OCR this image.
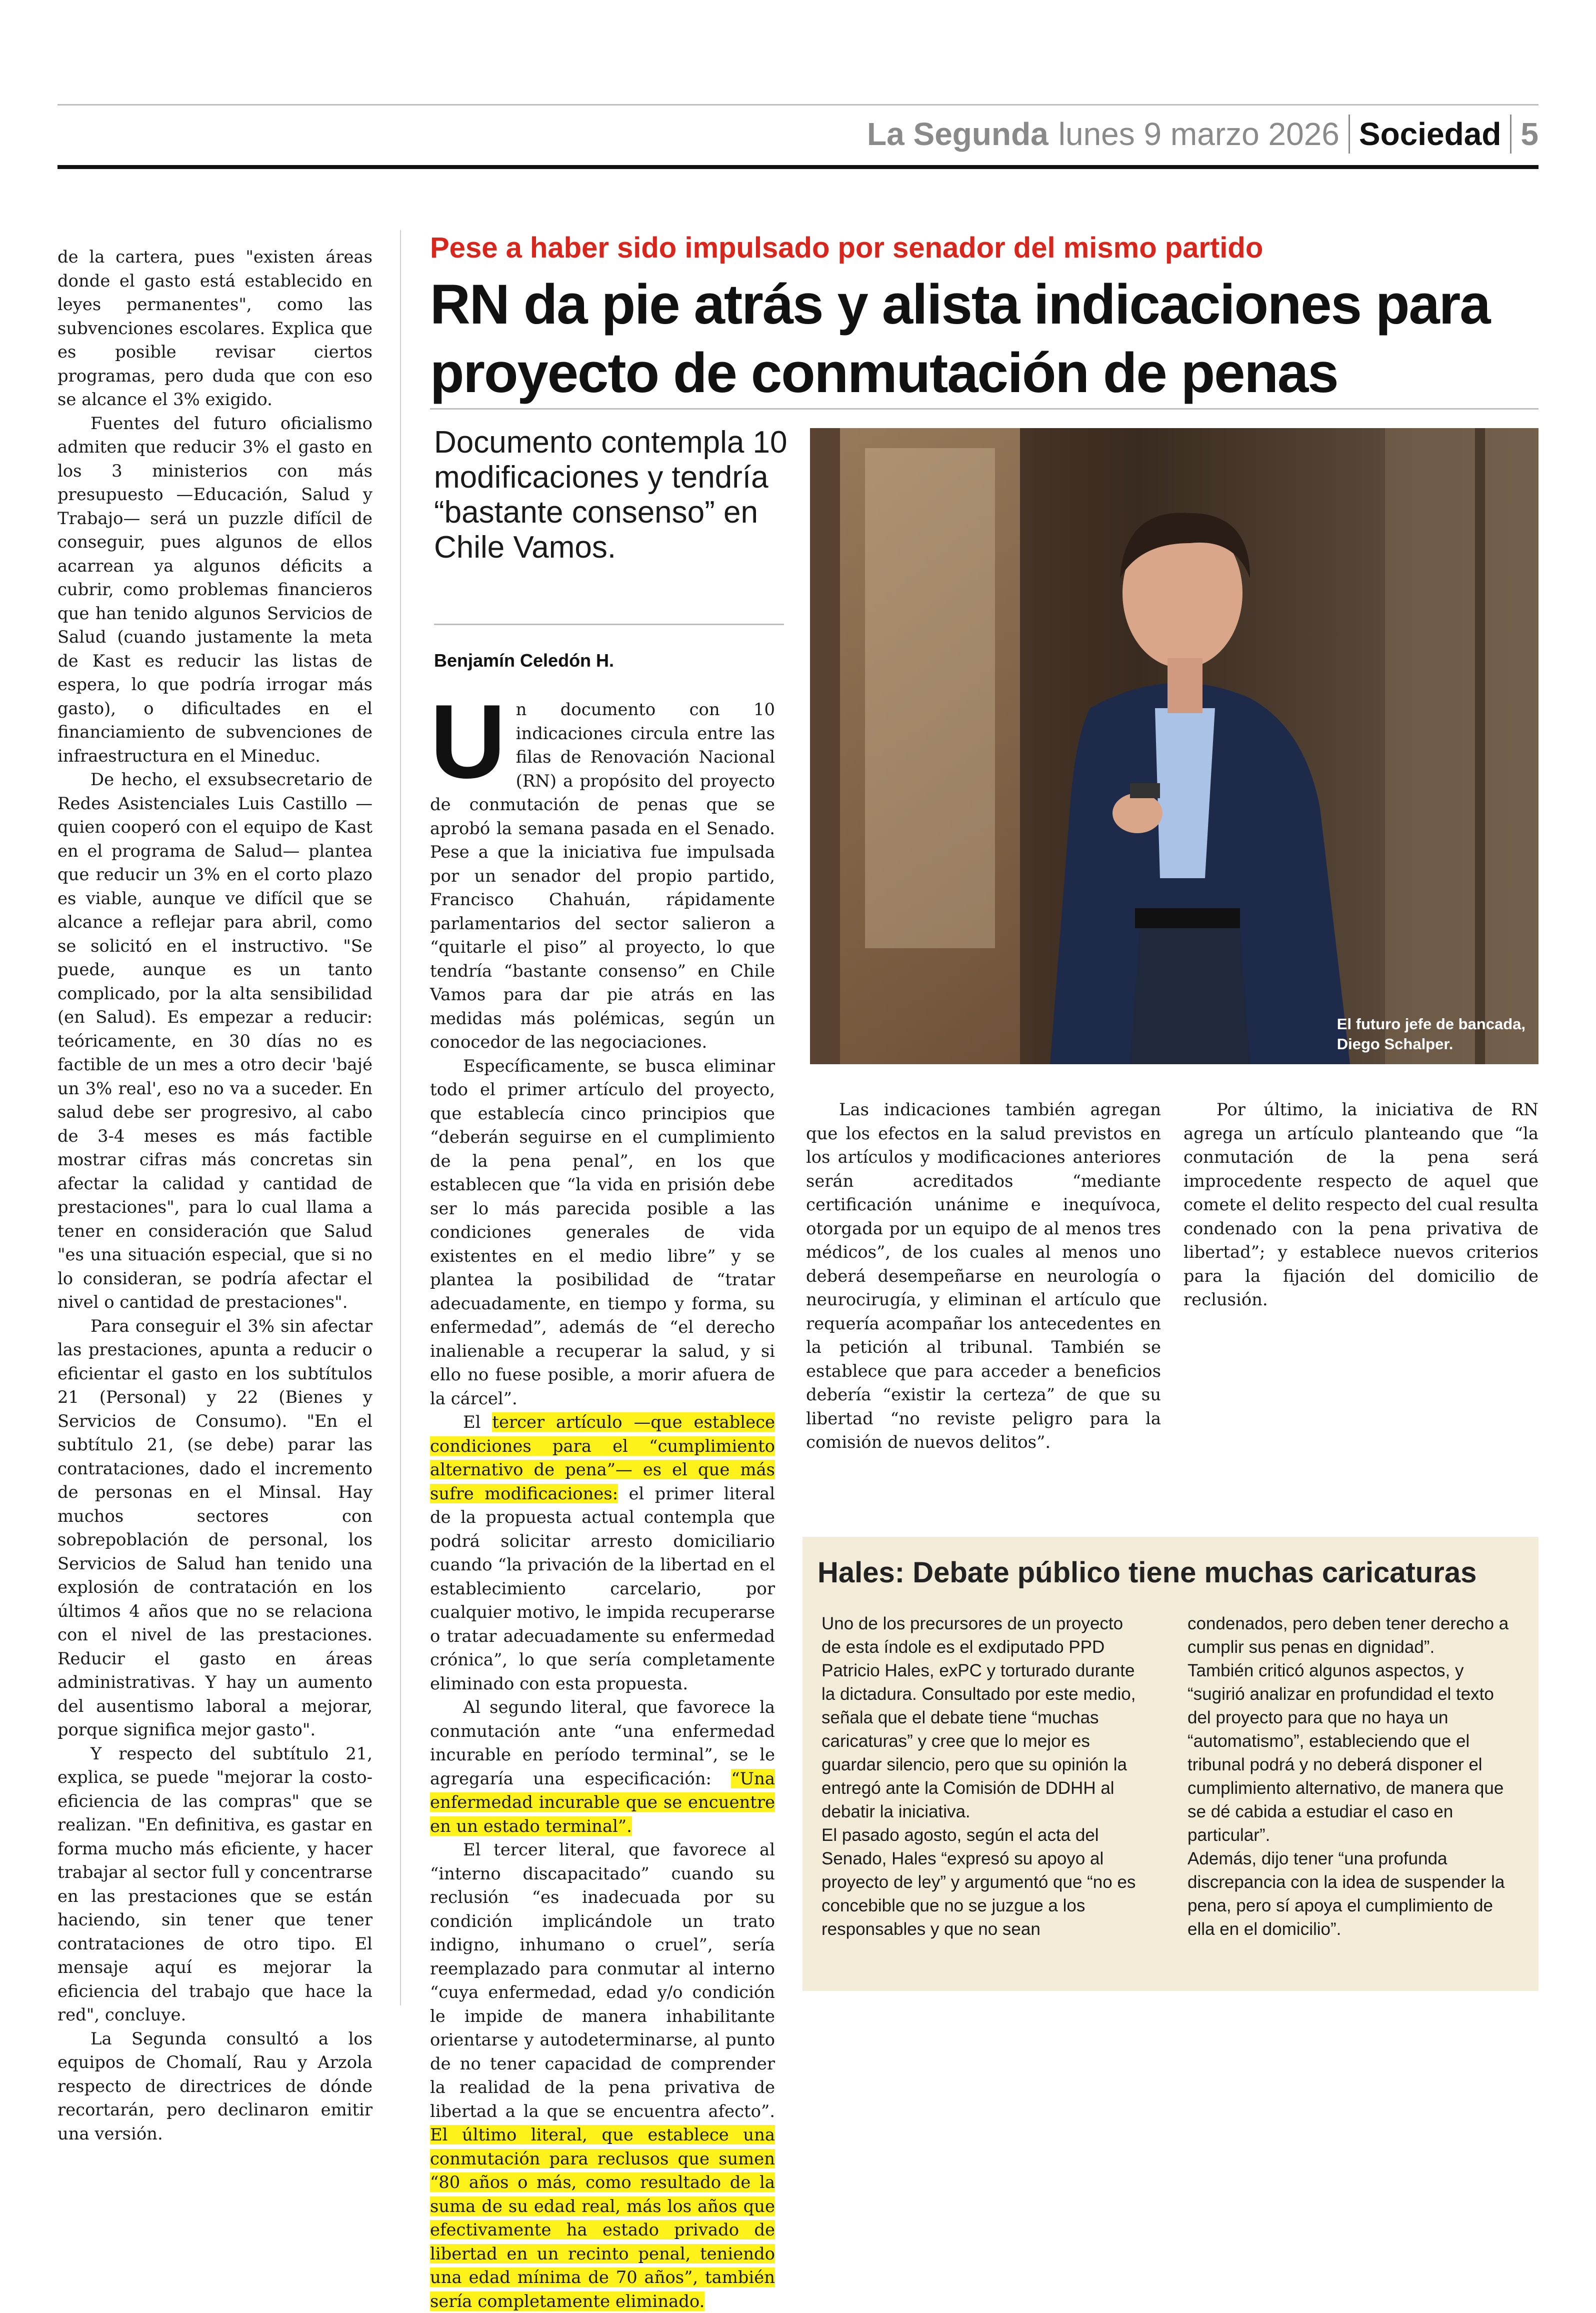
La Segunda lunes 9 marzo 2026 Sociedad 5

de la cartera, pues "existen áreas donde el gasto está establecido en leyes permanentes", como las subvenciones escolares. Explica que es posible revisar ciertos programas, pero duda que con eso se alcance el 3% exigido.

Fuentes del futuro oficialismo admiten que reducir 3% el gasto en los 3 ministerios con más presupuesto —Educación, Salud y Trabajo— será un puzzle difícil de conseguir, pues algunos de ellos acarrean ya algunos déficits a cubrir, como problemas financieros que han tenido algunos Servicios de Salud (cuando justamente la meta de Kast es reducir las listas de espera, lo que podría irrogar más gasto), o dificultades en el financiamiento de subvenciones de infraestructura en el Mineduc.

De hecho, el exsubsecretario de Redes Asistenciales Luis Castillo —quien cooperó con el equipo de Kast en el programa de Salud— plantea que reducir un 3% en el corto plazo es viable, aunque ve difícil que se alcance a reflejar para abril, como se solicitó en el instructivo. "Se puede, aunque es un tanto complicado, por la alta sensibilidad (en Salud). Es empezar a reducir: teóricamente, en 30 días no es factible de un mes a otro decir 'bajé un 3% real', eso no va a suceder. En salud debe ser progresivo, al cabo de 3-4 meses es más factible mostrar cifras más concretas sin afectar la calidad y cantidad de prestaciones", para lo cual llama a tener en consideración que Salud "es una situación especial, que si no lo consideran, se podría afectar el nivel o cantidad de prestaciones".

Para conseguir el 3% sin afectar las prestaciones, apunta a reducir o eficientar el gasto en los subtítulos 21 (Personal) y 22 (Bienes y Servicios de Consumo). "En el subtítulo 21, (se debe) parar las contrataciones, dado el incremento de personas en el Minsal. Hay muchos sectores con sobrepoblación de personal, los Servicios de Salud han tenido una explosión de contratación en los últimos 4 años que no se relaciona con el nivel de las prestaciones. Reducir el gasto en áreas administrativas. Y hay un aumento del ausentismo laboral a mejorar, porque significa mejor gasto".

Y respecto del subtítulo 21, explica, se puede "mejorar la costo-eficiencia de las compras" que se realizan. "En definitiva, es gastar en forma mucho más eficiente, y hacer trabajar al sector full y concentrarse en las prestaciones que se están haciendo, sin tener que tener contrataciones de otro tipo. El mensaje aquí es mejorar la eficiencia del trabajo que hace la red", concluye.

La Segunda consultó a los equipos de Chomalí, Rau y Arzola respecto de directrices de dónde recortarán, pero declinaron emitir una versión.

Pese a haber sido impulsado por senador del mismo partido
RN da pie atrás y alista indicaciones para proyecto de conmutación de penas
Documento contempla 10 modificaciones y tendría “bastante consenso” en Chile Vamos.
Benjamín Celedón H.
El futuro jefe de bancada,
Diego Schalper.

U n documento con 10 indicaciones circula entre las filas de Renovación Nacional (RN) a propósito del proyecto de conmutación de penas que se aprobó la semana pasada en el Senado. Pese a que la iniciativa fue impulsada por un senador del propio partido, Francisco Chahuán, rápidamente parlamentarios del sector salieron a “quitarle el piso” al proyecto, lo que tendría “bastante consenso” en Chile Vamos para dar pie atrás en las medidas más polémicas, según un conocedor de las negociaciones.

Específicamente, se busca eliminar todo el primer artículo del proyecto, que establecía cinco principios que “deberán seguirse en el cumplimiento de la pena penal”, en los que establecen que “la vida en prisión debe ser lo más parecida posible a las condiciones generales de vida existentes en el medio libre” y se plantea la posibilidad de “tratar adecuadamente, en tiempo y forma, su enfermedad”, además de “el derecho inalienable a recuperar la salud, y si ello no fuese posible, a morir afuera de la cárcel”.

El tercer artículo —que establece condiciones para el “cumplimiento alternativo de pena”— es el que más sufre modificaciones: el primer literal de la propuesta actual contempla que podrá solicitar arresto domiciliario cuando “la privación de la libertad en el establecimiento carcelario, por cualquier motivo, le impida recuperarse o tratar adecuadamente su enfermedad crónica”, lo que sería completamente eliminado con esta propuesta.

Al segundo literal, que favorece la conmutación ante “una enfermedad incurable en período terminal”, se le agregaría una especificación: “Una enfermedad incurable que se encuentre en un estado terminal”.

El tercer literal, que favorece al “interno discapacitado” cuando su reclusión “es inadecuada por su condición implicándole un trato indigno, inhumano o cruel”, sería reemplazado para conmutar al interno “cuya enfermedad, edad y/o condición le impide de manera inhabilitante orientarse y autodeterminarse, al punto de no tener capacidad de comprender la realidad de la pena privativa de libertad a la que se encuentra afecto”. El último literal, que establece una conmutación para reclusos que sumen “80 años o más, como resultado de la suma de su edad real, más los años que efectivamente ha estado privado de libertad en un recinto penal, teniendo una edad mínima de 70 años”, también sería completamente eliminado.

Las indicaciones también agregan que los efectos en la salud previstos en los artículos y modificaciones anteriores serán acreditados “mediante certificación unánime e inequívoca, otorgada por un equipo de al menos tres médicos”, de los cuales al menos uno deberá desempeñarse en neurología o neurocirugía, y eliminan el artículo que requería acompañar los antecedentes en la petición al tribunal. También se establece que para acceder a beneficios debería “existir la certeza” de que su libertad “no reviste peligro para la comisión de nuevos delitos”.

Por último, la iniciativa de RN agrega un artículo planteando que “la conmutación de la pena será improcedente respecto de aquel que comete el delito respecto del cual resulta condenado con la pena privativa de libertad”; y establece nuevos criterios para la fijación del domicilio de reclusión.

Hales: Debate público tiene muchas caricaturas

Uno de los precursores de un proyecto de esta índole es el exdiputado PPD Patricio Hales, exPC y torturado durante la dictadura. Consultado por este medio, señala que el debate tiene “muchas caricaturas” y cree que lo mejor es guardar silencio, pero que su opinión la entregó ante la Comisión de DDHH al debatir la iniciativa.

El pasado agosto, según el acta del Senado, Hales “expresó su apoyo al proyecto de ley” y argumentó que “no es concebible que no se juzgue a los responsables y que no sean

condenados, pero deben tener derecho a cumplir sus penas en dignidad”.

También criticó algunos aspectos, y “sugirió analizar en profundidad el texto del proyecto para que no haya un “automatismo”, estableciendo que el tribunal podrá y no deberá disponer el cumplimiento alternativo, de manera que se dé cabida a estudiar el caso en particular”.

Además, dijo tener “una profunda discrepancia con la idea de suspender la pena, pero sí apoya el cumplimiento de ella en el domicilio”.
